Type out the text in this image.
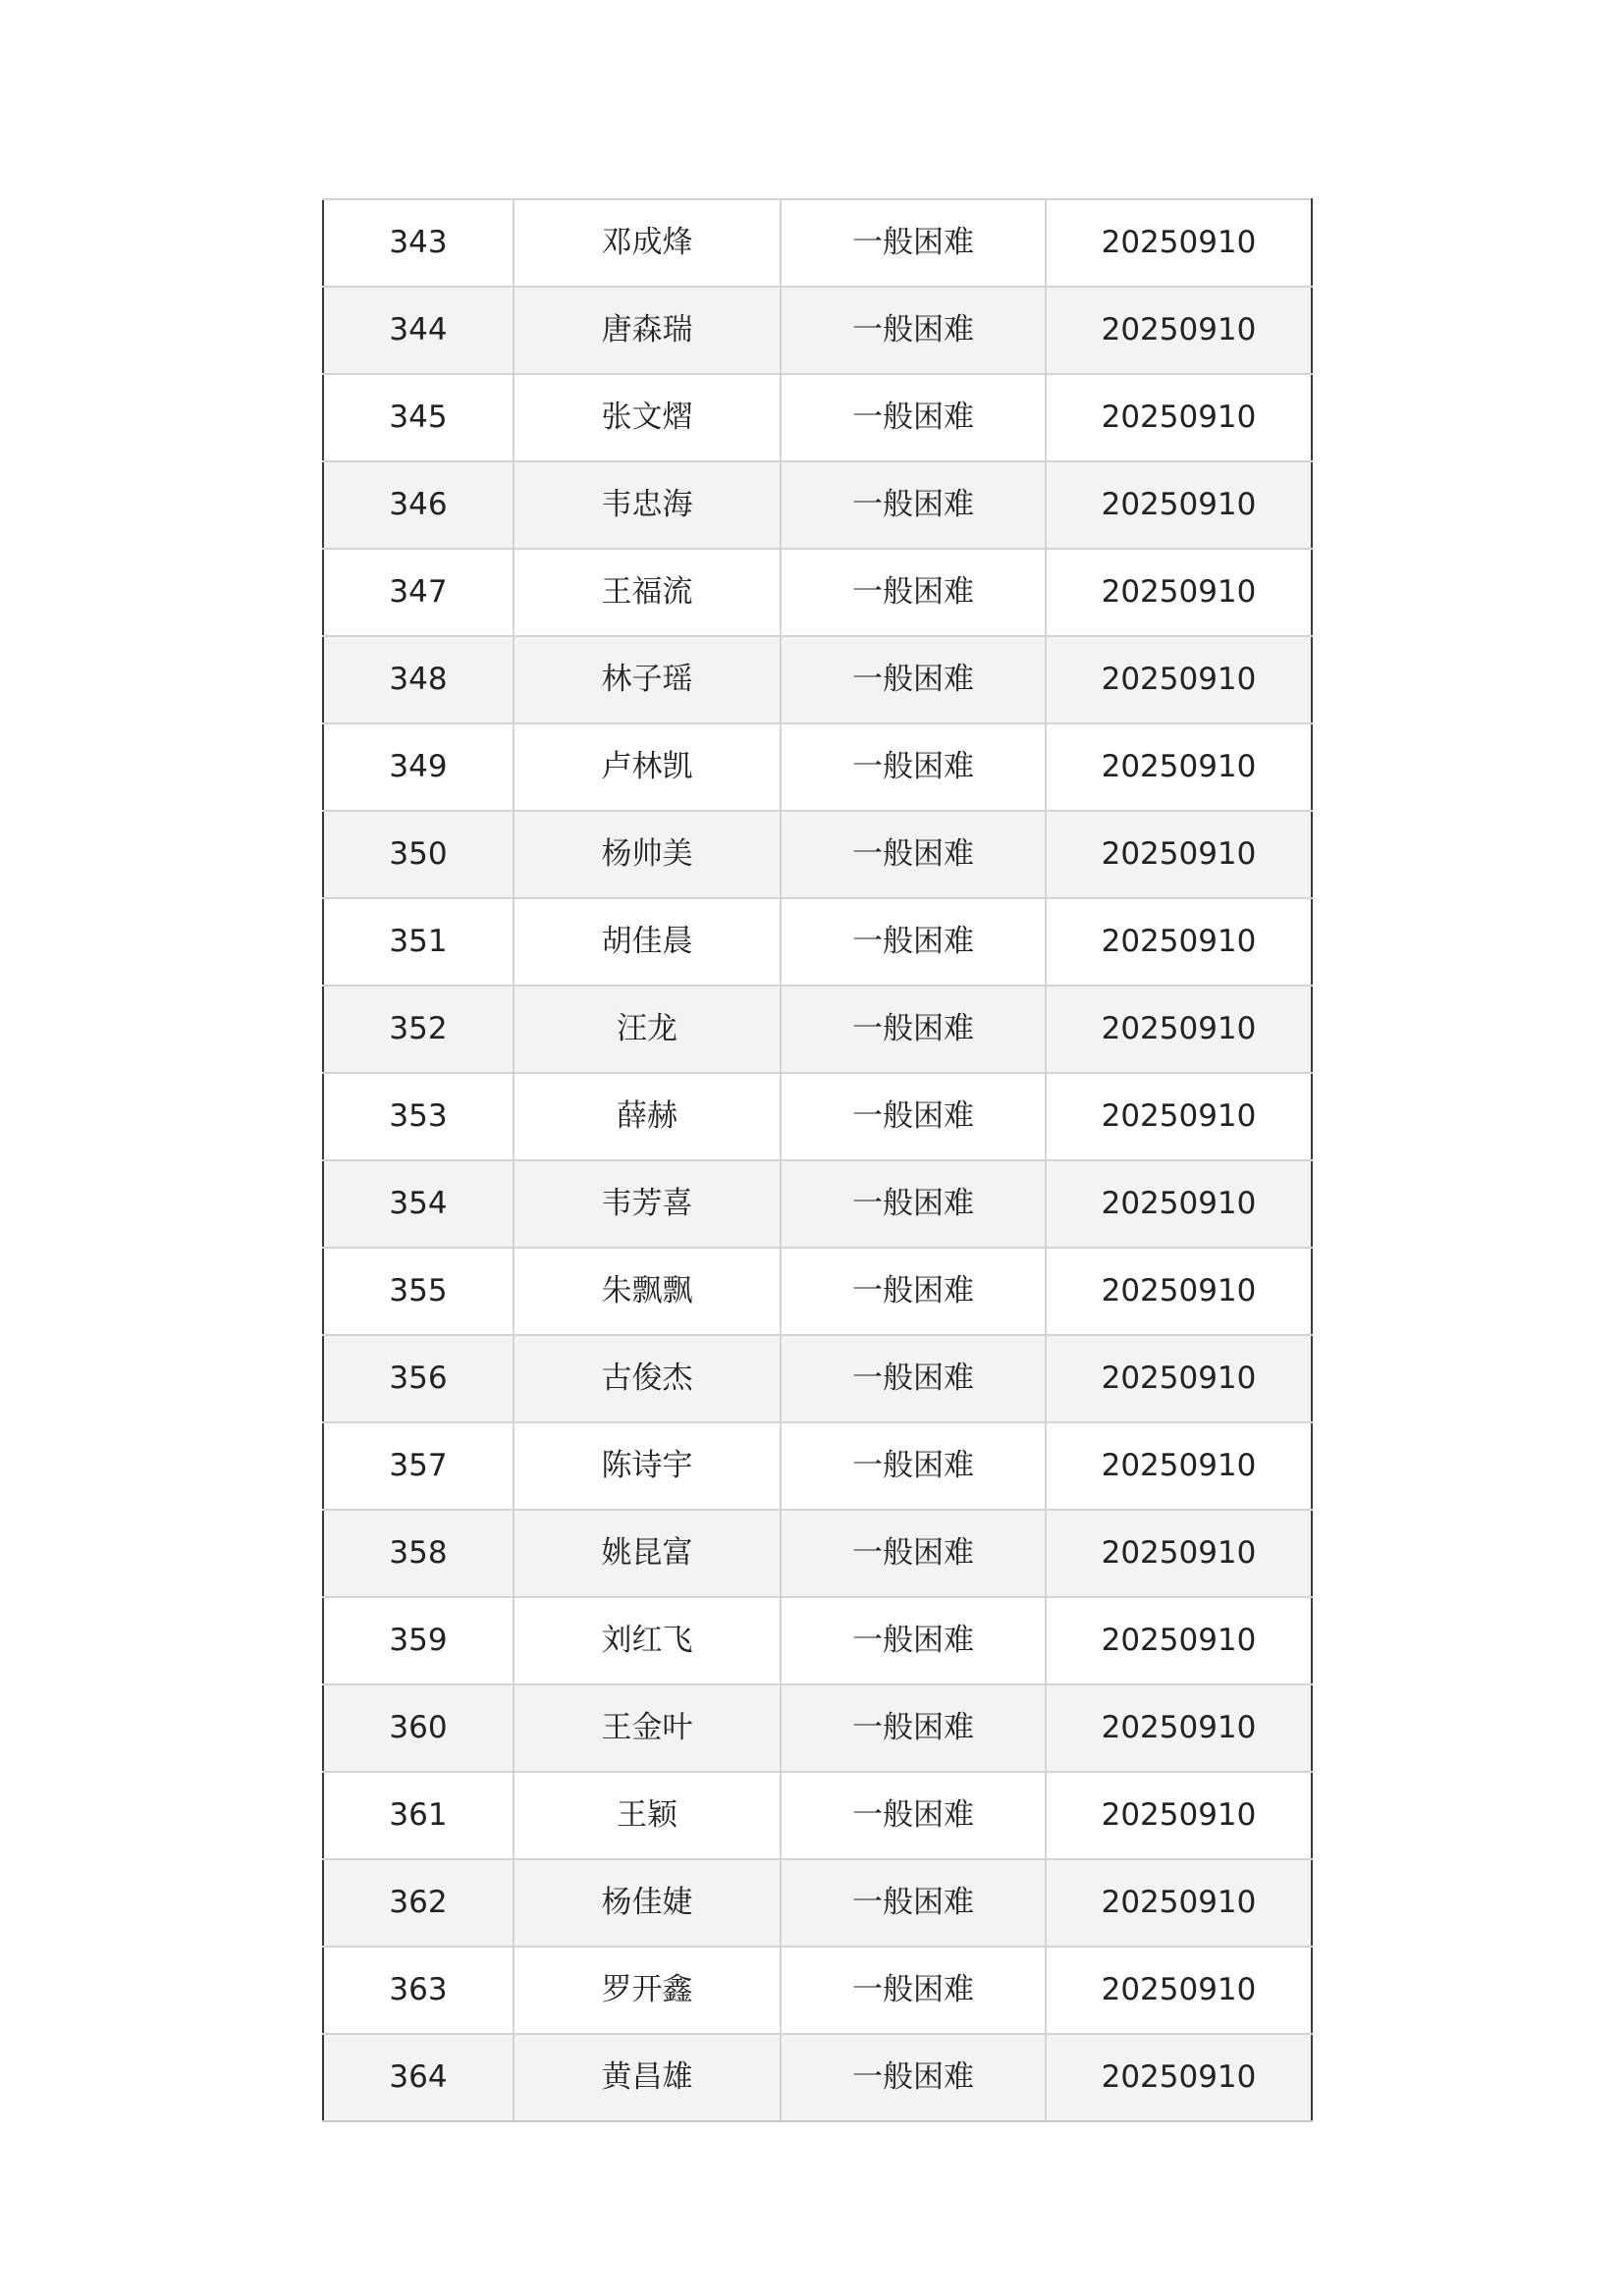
343	邓成烽	一般困难	20250910
344	唐森瑞	一般困难	20250910
345	张文熠	一般困难	20250910
346	韦忠海	一般困难	20250910
347	王福流	一般困难	20250910
348	林子瑶	一般困难	20250910
349	卢林凯	一般困难	20250910
350	杨帅美	一般困难	20250910
351	胡佳晨	一般困难	20250910
352	汪龙	一般困难	20250910
353	薛赫	一般困难	20250910
354	韦芳喜	一般困难	20250910
355	朱飘飘	一般困难	20250910
356	古俊杰	一般困难	20250910
357	陈诗宇	一般困难	20250910
358	姚昆富	一般困难	20250910
359	刘红飞	一般困难	20250910
360	王金叶	一般困难	20250910
361	王颖	一般困难	20250910
362	杨佳婕	一般困难	20250910
363	罗开鑫	一般困难	20250910
364	黄昌雄	一般困难	20250910
